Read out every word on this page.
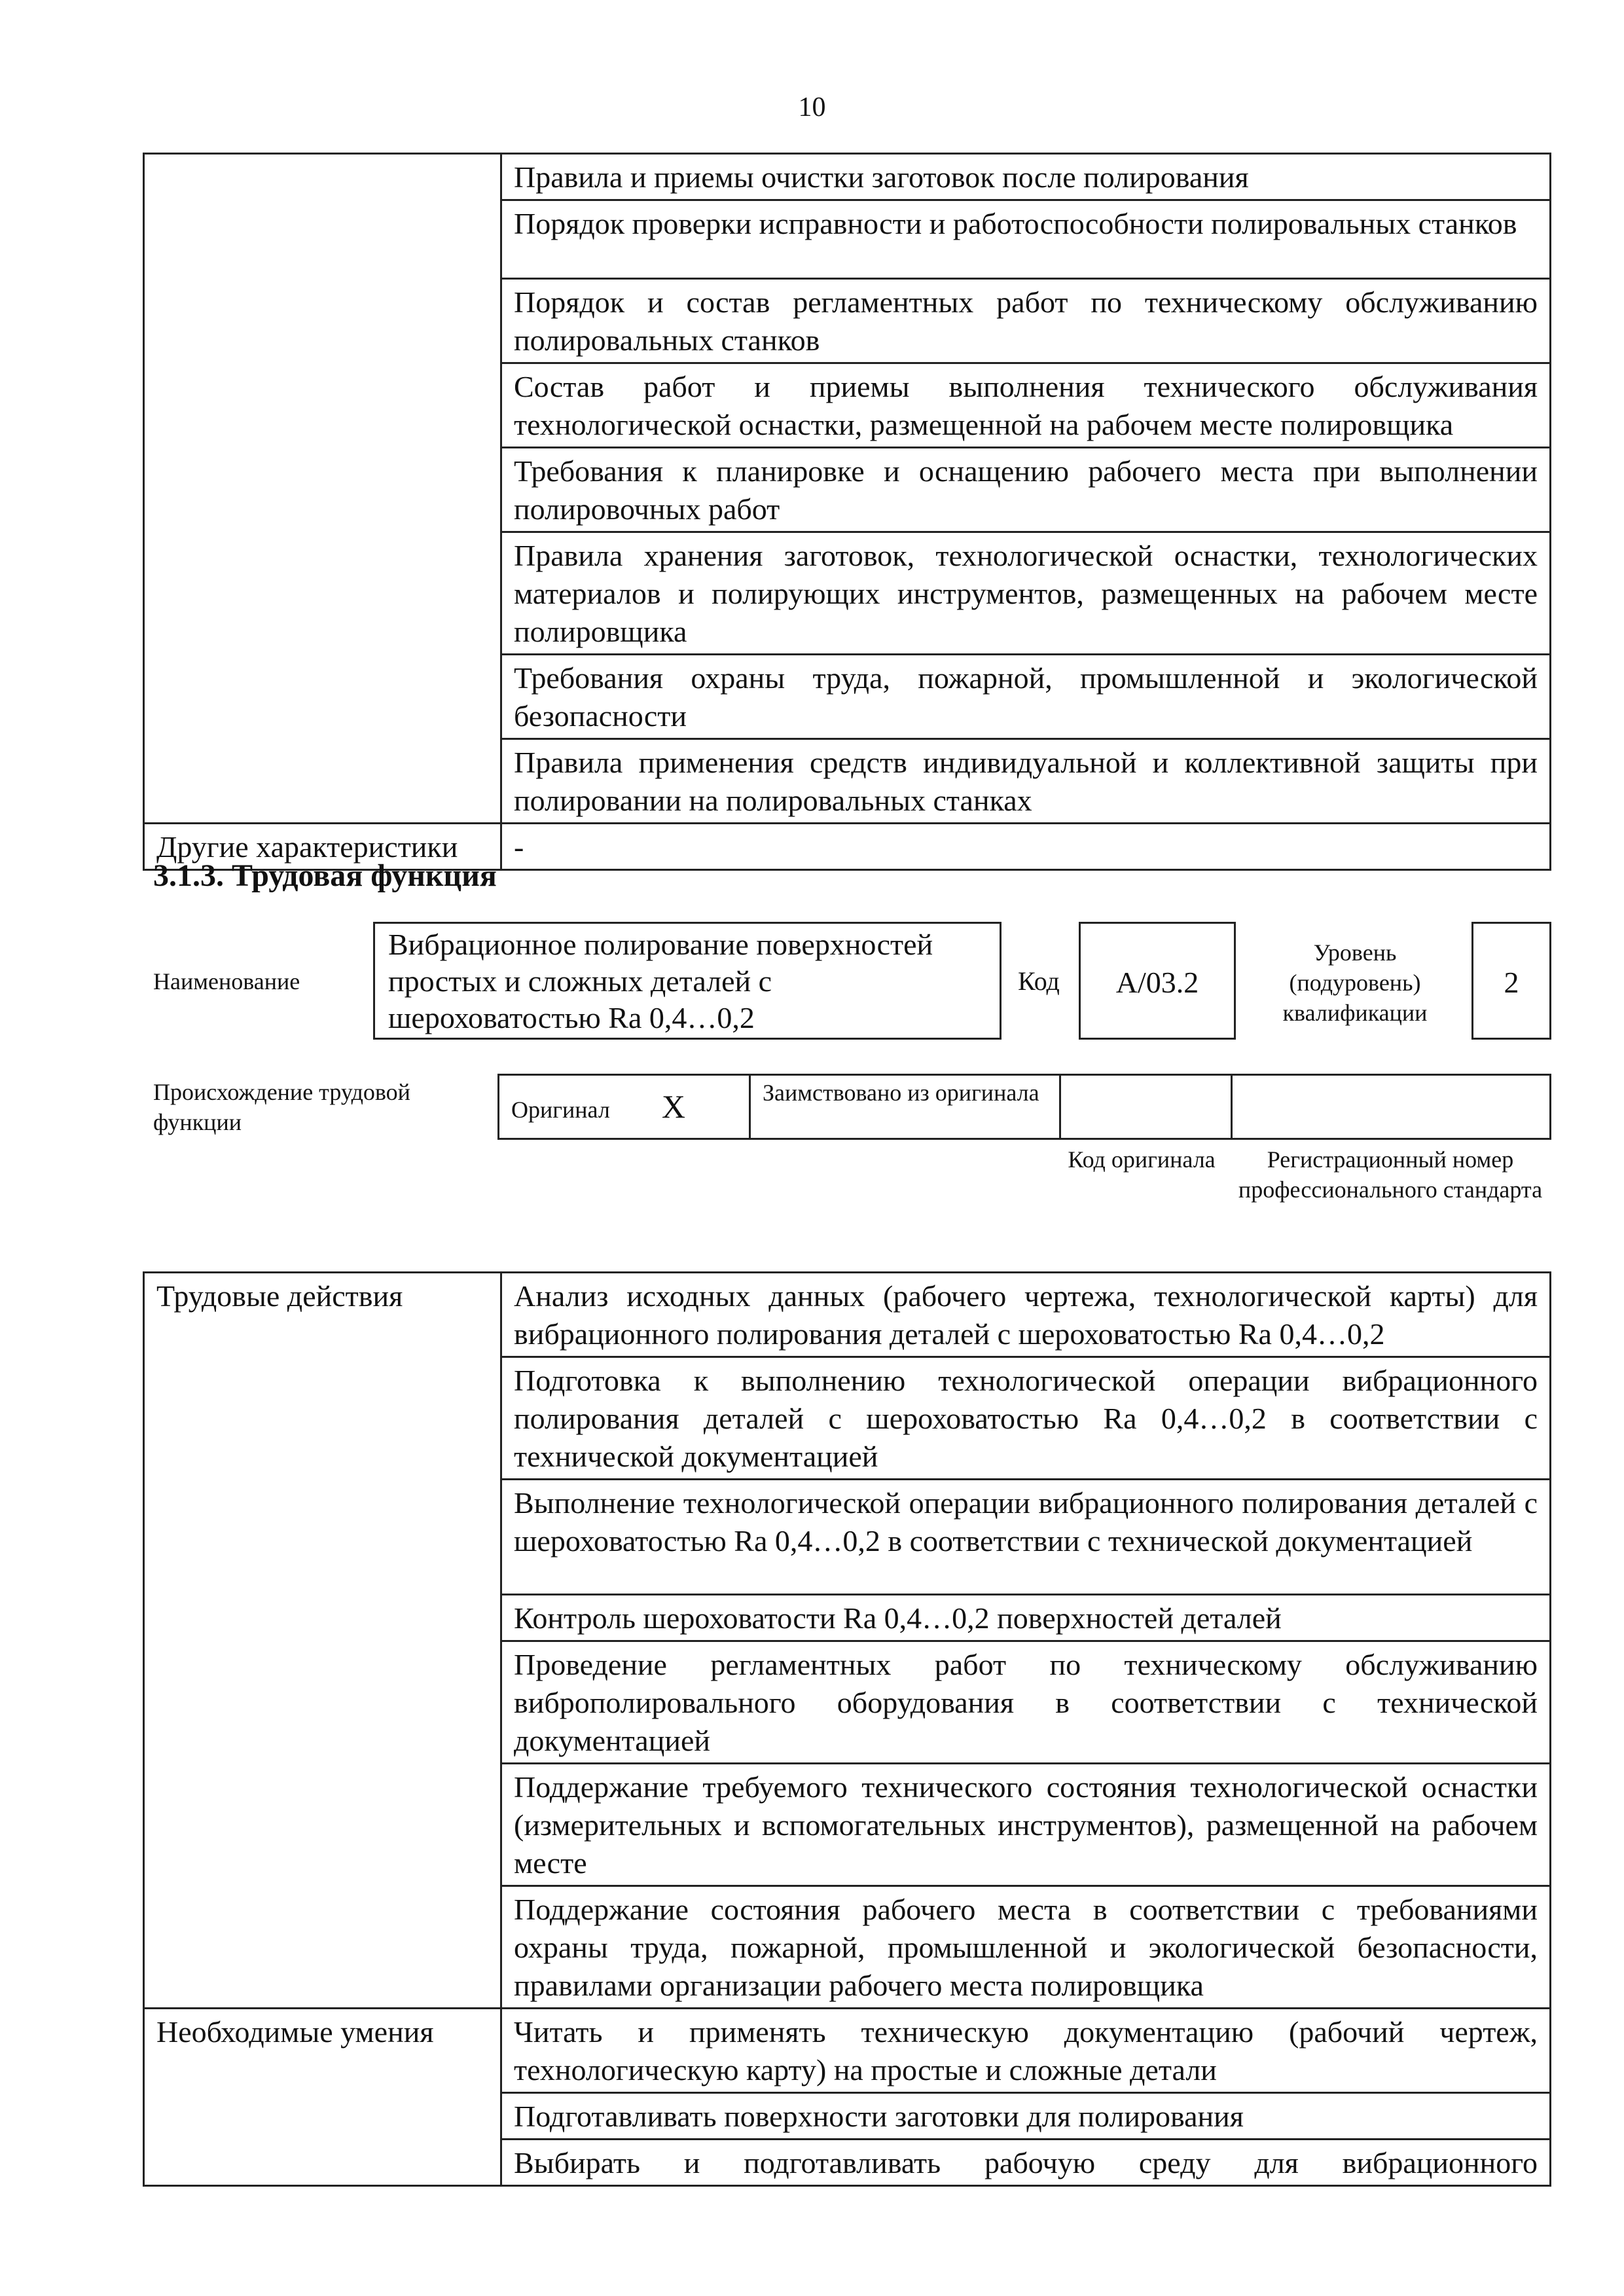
10
	Правила и приемы очистки заготовок после полирования
	Порядок проверки исправности и работоспособности полировальных станков
	Порядок и состав регламентных работ по техническому обслуживанию полировальных станков
	Состав работ и приемы выполнения технического обслуживания технологической оснастки, размещенной на рабочем месте полировщика
	Требования к планировке и оснащению рабочего места при выполнении полировочных работ
	Правила хранения заготовок, технологической оснастки, технологических материалов и полирующих инструментов, размещенных на рабочем месте полировщика
	Требования охраны труда, пожарной, промышленной и экологической безопасности
	Правила применения средств индивидуальной и коллективной защиты при полировании на полировальных станках
Другие характеристики	-
3.1.3. Трудовая функция
Наименование
Вибрационное полирование поверхностей простых и сложных деталей с шероховатостью Ra 0,4…0,2
Код	А/03.2
Уровень (подуровень) квалификации
2
Происхождение трудовой функции	Оригинал X	Заимствовано из оригинала		
Код оригинала	Регистрационный номер профессионального стандарта
Трудовые действия	Анализ исходных данных (рабочего чертежа, технологической карты) для вибрационного полирования деталей с шероховатостью Ra 0,4…0,2
	Подготовка к выполнению технологической операции вибрационного полирования деталей с шероховатостью Ra 0,4…0,2 в соответствии с технической документацией
	Выполнение технологической операции вибрационного полирования деталей с шероховатостью Ra 0,4…0,2 в соответствии с технической документацией
	Контроль шероховатости Ra 0,4…0,2 поверхностей деталей
	Проведение регламентных работ по техническому обслуживанию виброполировального оборудования в соответствии с технической документацией
	Поддержание требуемого технического состояния технологической оснастки (измерительных и вспомогательных инструментов), размещенной на рабочем месте
	Поддержание состояния рабочего места в соответствии с требованиями охраны труда, пожарной, промышленной и экологической безопасности, правилами организации рабочего места полировщика
Необходимые умения	Читать и применять техническую документацию (рабочий чертеж, технологическую карту) на простые и сложные детали
	Подготавливать поверхности заготовки для полирования
	Выбирать и подготавливать рабочую среду для вибрационного
